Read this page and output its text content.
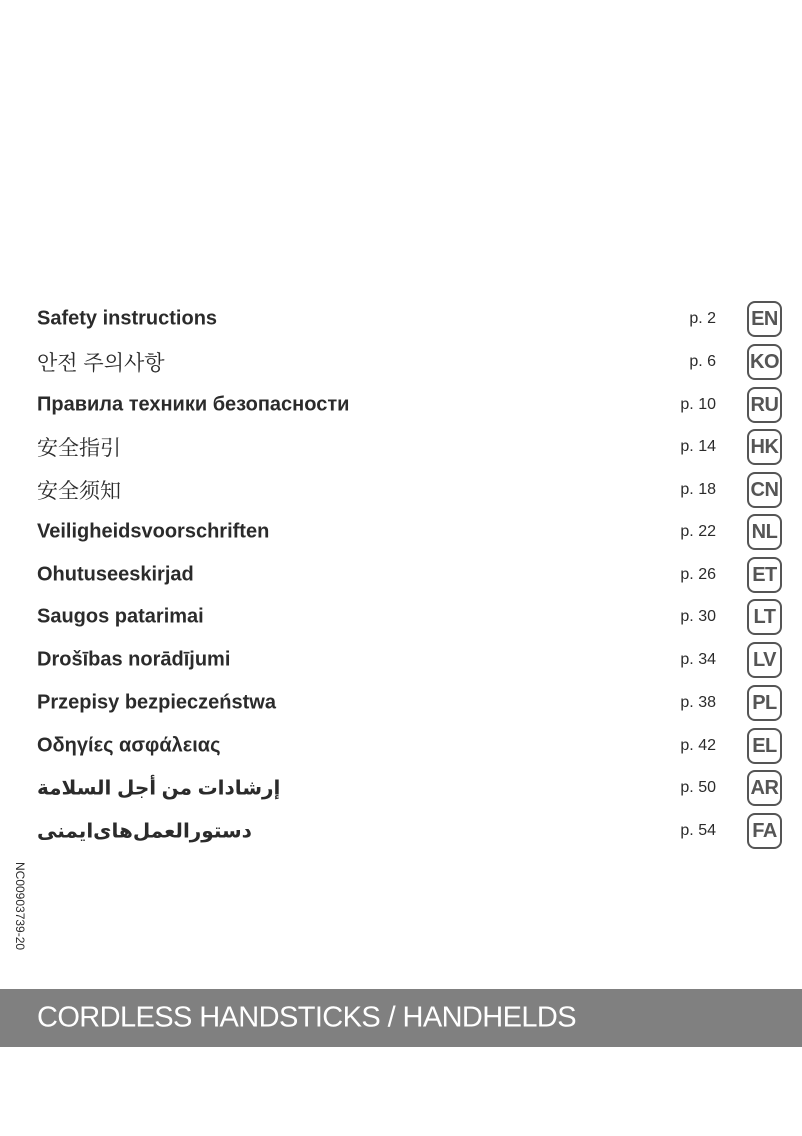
Safety instructions	p. 2 EN
안전 주의사항	p. 6 KO
Правила техники безопасности	p. 10 RU
安全指引	p. 14 HK
安全须知	p. 18 CN
Veiligheidsvoorschriften	p. 22 NL
Ohutuseeskirjad	p. 26 ET
Saugos patarimai	p. 30	LT
Drošības norādījumi	p. 34 LV
Przepisy bezpieczeństwa	p. 38 PL
Οδηγίες ασφάλειας	p. 42 EL
إرشادات من أجل السلامة	p. 50 AR
دستورالعمل‌های‌ایمنی	p. 54 FA
NC00903739-20
CORDLESS HANDSTICKS / HANDHELDS
